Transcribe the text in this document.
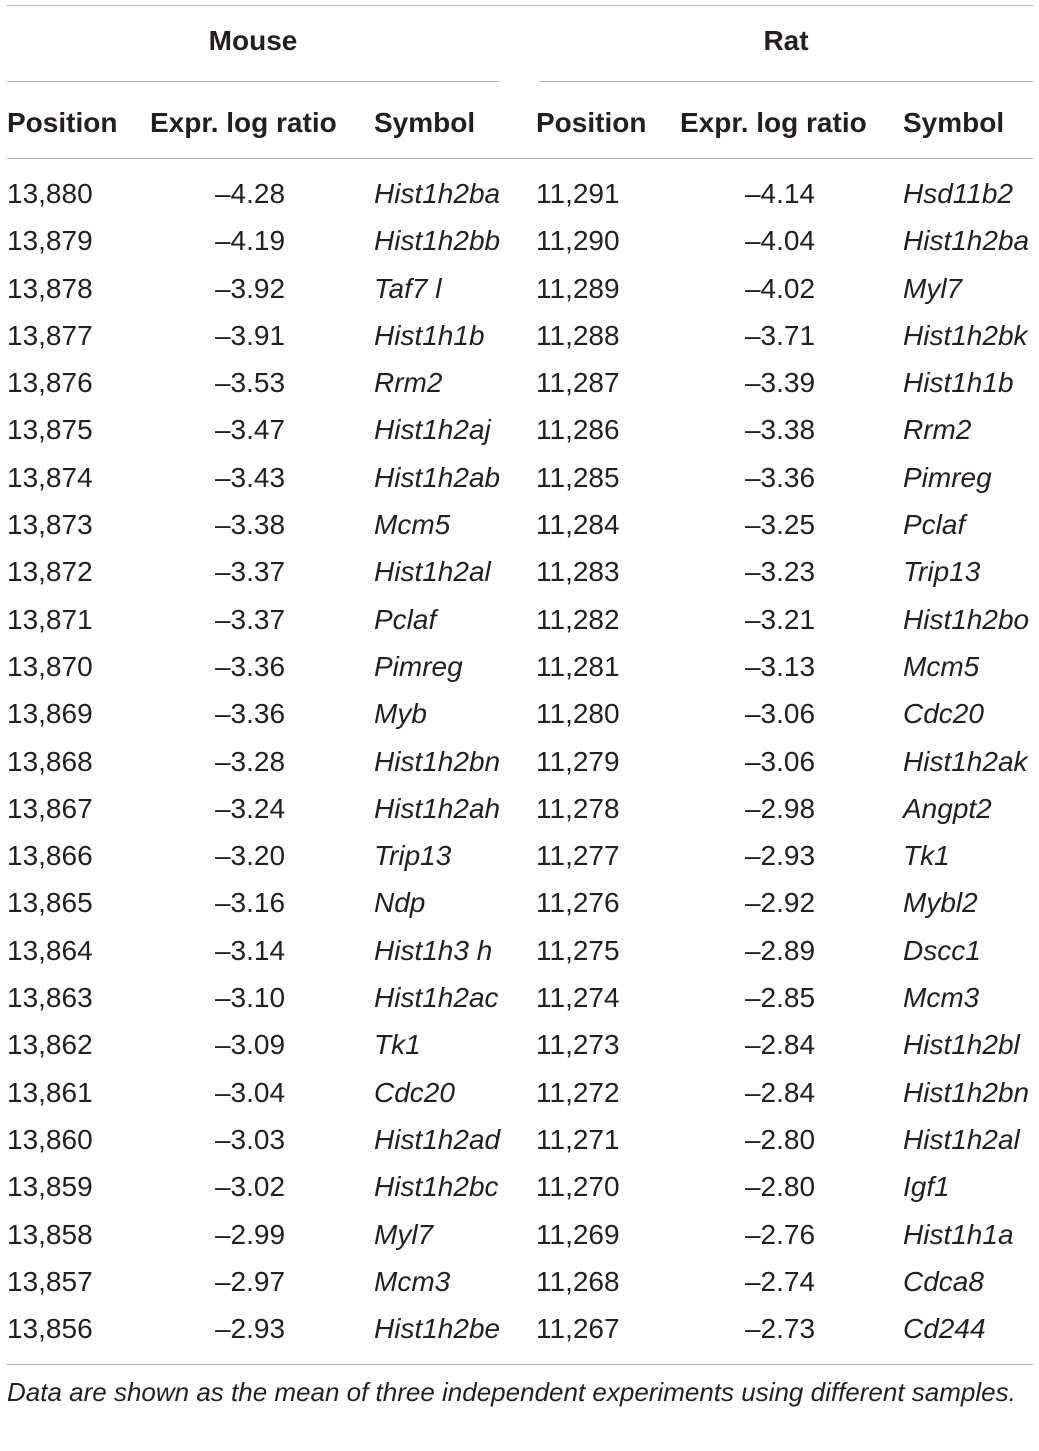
Mouse	Rat
Position Expr. log ratio Symbol Position Expr. log ratio Symbol
13,880	–4.28	Hist1h2ba 11,291	–4.14	Hsd11b2
13,879	–4.19	Hist1h2bb 11,290	–4.04	Hist1h2ba
13,878	–3.92	Taf7 l	11,289	–4.02	Myl7
13,877	–3.91	Hist1h1b 11,288	–3.71	Hist1h2bk
13,876	–3.53	Rrm2	11,287	–3.39	Hist1h1b
13,875	–3.47	Hist1h2aj 11,286	–3.38	Rrm2
13,874	–3.43	Hist1h2ab 11,285	–3.36	Pimreg
13,873	–3.38	Mcm5	11,284	–3.25	Pclaf
13,872	–3.37	Hist1h2al 11,283	–3.23	Trip13
13,871	–3.37	Pclaf	11,282	–3.21	Hist1h2bo
13,870	–3.36	Pimreg	11,281	–3.13	Mcm5
13,869	–3.36	Myb	11,280	–3.06	Cdc20
13,868	–3.28	Hist1h2bn 11,279	–3.06	Hist1h2ak
13,867	–3.24	Hist1h2ah 11,278	–2.98	Angpt2
13,866	–3.20	Trip13	11,277	–2.93	Tk1
13,865	–3.16	Ndp	11,276	–2.92	Mybl2
13,864	–3.14	Hist1h3 h 11,275	–2.89	Dscc1
13,863	–3.10	Hist1h2ac 11,274	–2.85	Mcm3
13,862	–3.09	Tk1	11,273	–2.84	Hist1h2bl
13,861	–3.04	Cdc20	11,272	–2.84	Hist1h2bn
13,860	–3.03	Hist1h2ad 11,271	–2.80	Hist1h2al
13,859	–3.02	Hist1h2bc 11,270	–2.80	Igf1
13,858	–2.99	Myl7	11,269	–2.76	Hist1h1a
13,857	–2.97	Mcm3	11,268	–2.74	Cdca8
13,856	–2.93	Hist1h2be 11,267	–2.73	Cd244
Data are shown as the mean of three independent experiments using different samples.
